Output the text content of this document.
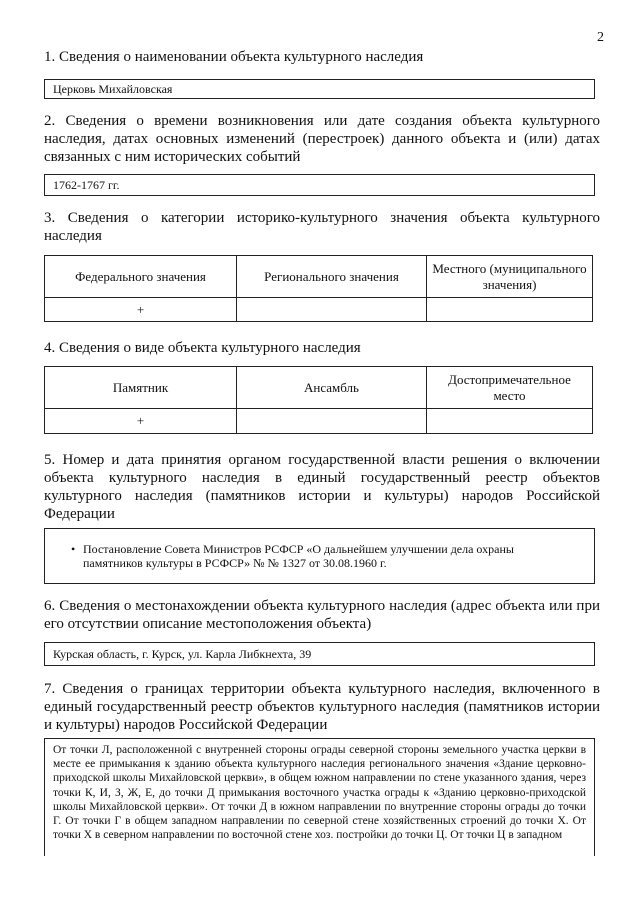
2
1. Сведения о наименовании объекта культурного наследия
Церковь Михайловская
2. Сведения о времени возникновения или дате создания объекта культурного наследия, датах основных изменений (перестроек) данного объекта и (или) датах связанных с ним исторических событий
1762-1767 гг.
3. Сведения о категории историко-культурного значения объекта культурного наследия
Федерального значения	Регионального значения	Местного (муниципального значения)
+		
4. Сведения о виде объекта культурного наследия
Памятник	Ансамбль	Достопримечательное место
+		
5. Номер и дата принятия органом государственной власти решения о включении объекта культурного наследия в единый государственный реестр объектов культурного наследия (памятников истории и культуры) народов Российской Федерации
• Постановление Совета Министров РСФСР «О дальнейшем улучшении дела охраны памятников культуры в РСФСР» № № 1327 от 30.08.1960 г.
6. Сведения о местонахождении объекта культурного наследия (адрес объекта или при его отсутствии описание местоположения объекта)
Курская область, г. Курск, ул. Карла Либкнехта, 39
7. Сведения о границах территории объекта культурного наследия, включенного в единый государственный реестр объектов культурного наследия (памятников истории и культуры) народов Российской Федерации
От точки Л, расположенной с внутренней стороны ограды северной стороны земельного участка церкви в месте ее примыкания к зданию объекта культурного наследия регионального значения «Здание церковно- приходской школы Михайловской церкви», в общем южном направлении по стене указанного здания, через точки К, И, З, Ж, Е, до точки Д примыкания восточного участка ограды к «Зданию церковно-приходской школы Михайловской церкви». От точки Д в южном направлении по внутренние стороны ограды до точки Г. От точки Г в общем западном направлении по северной стене хозяйственных строений до точки Х. От точки Х в северном направлении по восточной стене хоз. постройки до точки Ц. От точки Ц в западном
